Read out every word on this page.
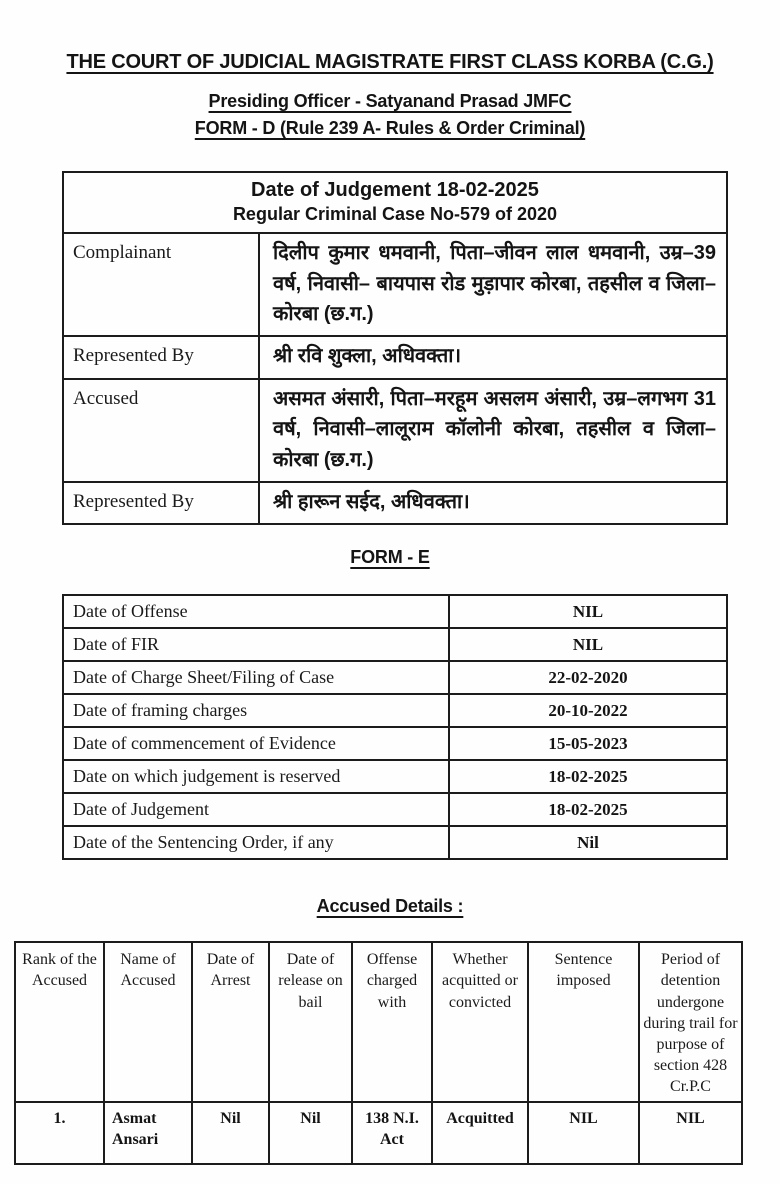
THE COURT OF JUDICIAL MAGISTRATE FIRST CLASS KORBA (C.G.)
Presiding Officer - Satyanand Prasad JMFC
FORM - D (Rule 239 A- Rules & Order Criminal)
Date of Judgement 18-02-2025
Regular Criminal Case No-579 of 2020	

Complainant	दिलीप कुमार धमवानी, पिता–जीवन लाल धमवानी, उम्र–39 वर्ष, निवासी– बायपास रोड मुड़ापार कोरबा, तहसील व जिला–कोरबा (छ.ग.)
Represented By	श्री रवि शुक्ला, अधिवक्ता।
Accused	असमत अंसारी, पिता–मरहूम असलम अंसारी, उम्र–लगभग 31 वर्ष, निवासी–लालूराम कॉलोनी कोरबा, तहसील व जिला–कोरबा (छ.ग.)
Represented By	श्री हारून सईद, अधिवक्ता।
FORM - E
Date of Offense	NIL
Date of FIR	NIL
Date of Charge Sheet/Filing of Case	22-02-2020
Date of framing charges	20-10-2022
Date of commencement of Evidence	15-05-2023
Date on which judgement is reserved	18-02-2025
Date of Judgement	18-02-2025
Date of the Sentencing Order, if any	Nil
Accused Details :
Rank of the Accused	Name of Accused	Date of Arrest	Date of release on bail	Offense charged with	Whether acquitted or convicted	Sentence imposed	Period of detention undergone during trail for purpose of section 428 Cr.P.C
1.	Asmat Ansari	Nil	Nil	138 N.I. Act	Acquitted	NIL	NIL
